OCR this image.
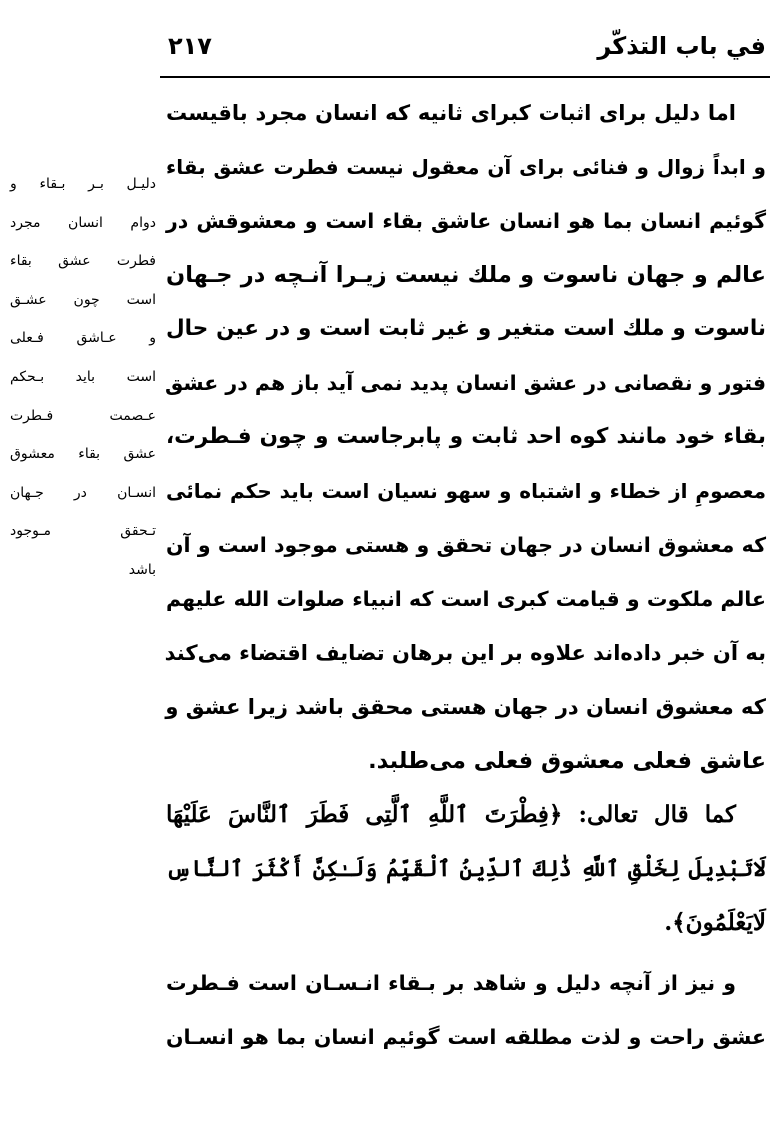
في باب التذكّر
۲۱۷
اما دليل براى اثبات كبراى ثانيه كه انسان مجرد باقيست
و ابداً زوال و فنائى براى آن معقول نيست فطرت عشق بقاء
گوئيم انسان بما هو انسان عاشق بقاء است و معشوقش در
عالم و جهان ناسوت و ملك نيست زيـرا آنـچه در جـهان
ناسوت و ملك است متغير و غير ثابت است و در عين حال
فتور و نقصانى در عشق انسان پديد نمى آيد باز هم در عشق
بقاء خود مانند كوه احد ثابت و پابرجاست و چون فـطرت،
معصومِ از خطاء و اشتباه و سهو نسيان است بايد حكم نمائى
كه معشوق انسان در جهان تحقق و هستى موجود است و آن
عالم ملكوت و قيامت كبرى است كه انبياء صلوات الله عليهم
به آن خبر داده‌اند علاوه بر اين برهان تضايف اقتضاء مى‌كند
كه معشوق انسان در جهان هستى محقق باشد زيرا عشق و
عاشق فعلى معشوق فعلى مى‌طلبد.
كما قال تعالى: ﴿فِطْرَتَ ٱللَّهِ ٱلَّتِى فَطَرَ ٱلنَّاسَ عَلَيْهَا
لَاتَبْدِيلَ لِخَلْقِ ٱللَّهِ ذَٰلِكَ ٱلدِّينُ ٱلْقَيِّمُ وَلَـٰكِنَّ أَكْثَرَ ٱلنَّاسِ
لَايَعْلَمُونَ﴾.
و نيز از آنچه دليل و شاهد بر بـقاء انـسـان است فـطرت
عشق راحت و لذت مطلقه است گوئيم انسان بما هو انسـان
دليـل بـر بـقاء و
دوام انسان مجرد
فطرت عشق بقاء
است چون عشـق
و عـاشق فـعلى
است بايد بـحكم
عـصمت فـطرت
عشق بقاء معشوق
انسـان در جـهان
تـحقق مـوجود
باشد
